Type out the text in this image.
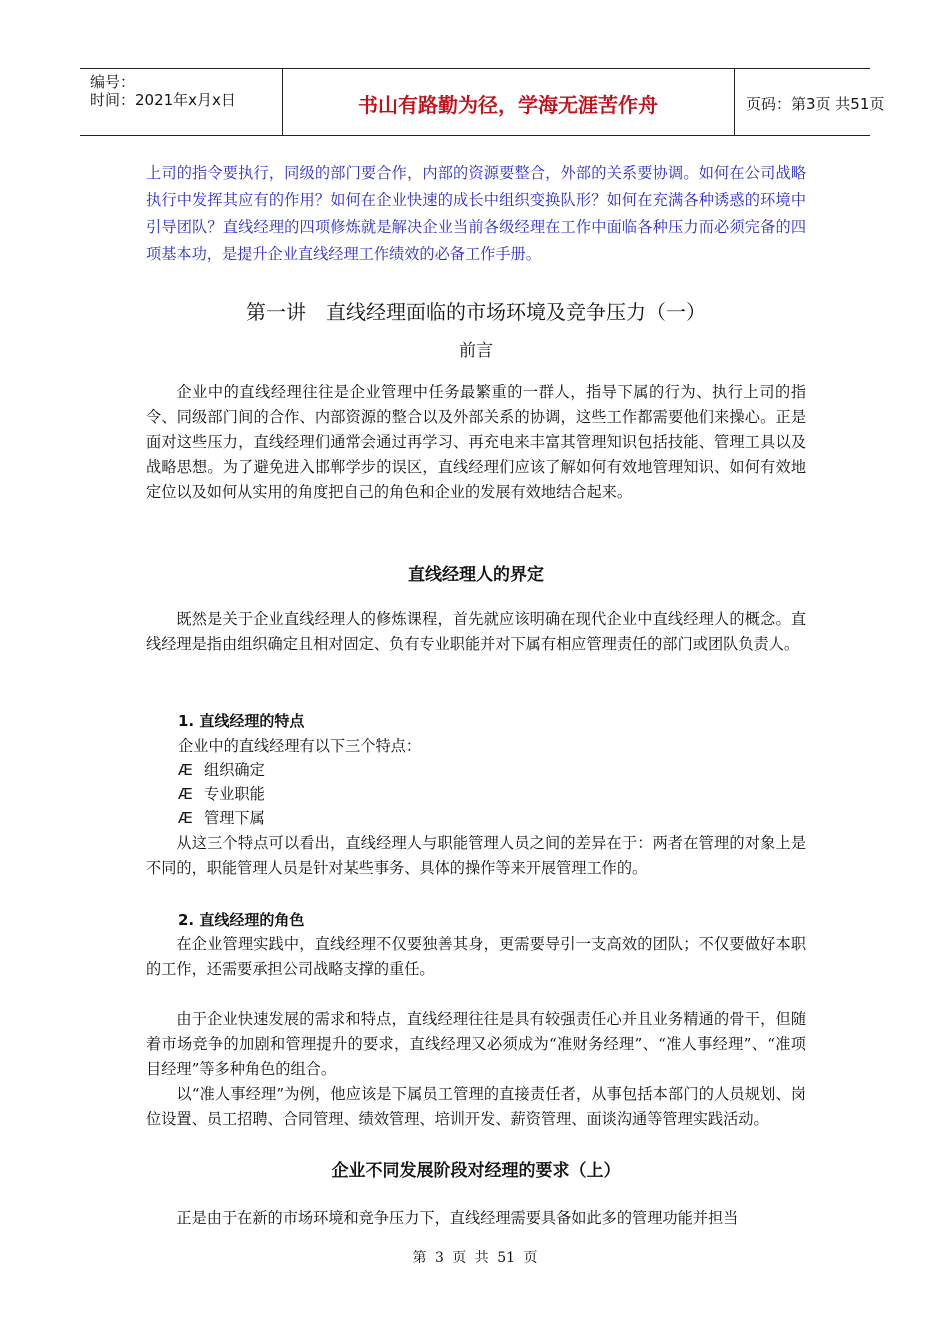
编号：
时间：2021年x月x日	书山有路勤为径，学海无涯苦作舟	页码：第3页 共51页
上司的指令要执行，同级的部门要合作，内部的资源要整合，外部的关系要协调。如何在公司战略执行中发挥其应有的作用？如何在企业快速的成长中组织变换队形？如何在充满各种诱惑的环境中引导团队？直线经理的四项修炼就是解决企业当前各级经理在工作中面临各种压力而必须完备的四项基本功，是提升企业直线经理工作绩效的必备工作手册。
第一讲　直线经理面临的市场环境及竞争压力（一）
前言

企业中的直线经理往往是企业管理中任务最繁重的一群人，指导下属的行为、执行上司的指令、同级部门间的合作、内部资源的整合以及外部关系的协调，这些工作都需要他们来操心。正是面对这些压力，直线经理们通常会通过再学习、再充电来丰富其管理知识包括技能、管理工具以及战略思想。为了避免进入邯郸学步的误区，直线经理们应该了解如何有效地管理知识、如何有效地定位以及如何从实用的角度把自己的角色和企业的发展有效地结合起来。

直线经理人的界定

既然是关于企业直线经理人的修炼课程，首先就应该明确在现代企业中直线经理人的概念。直线经理是指由组织确定且相对固定、负有专业职能并对下属有相应管理责任的部门或团队负责人。

1. 直线经理的特点
企业中的直线经理有以下三个特点：
Æ 组织确定
Æ 专业职能
Æ 管理下属

从这三个特点可以看出，直线经理人与职能管理人员之间的差异在于：两者在管理的对象上是不同的，职能管理人员是针对某些事务、具体的操作等来开展管理工作的。

2. 直线经理的角色

在企业管理实践中，直线经理不仅要独善其身，更需要导引一支高效的团队；不仅要做好本职的工作，还需要承担公司战略支撑的重任。

由于企业快速发展的需求和特点，直线经理往往是具有较强责任心并且业务精通的骨干，但随着市场竞争的加剧和管理提升的要求，直线经理又必须成为“准财务经理”、“准人事经理”、“准项目经理”等多种角色的组合。

以“准人事经理”为例，他应该是下属员工管理的直接责任者，从事包括本部门的人员规划、岗位设置、员工招聘、合同管理、绩效管理、培训开发、薪资管理、面谈沟通等管理实践活动。

企业不同发展阶段对经理的要求（上）

正是由于在新的市场环境和竞争压力下，直线经理需要具备如此多的管理功能并担当

第 3 页 共 51 页
